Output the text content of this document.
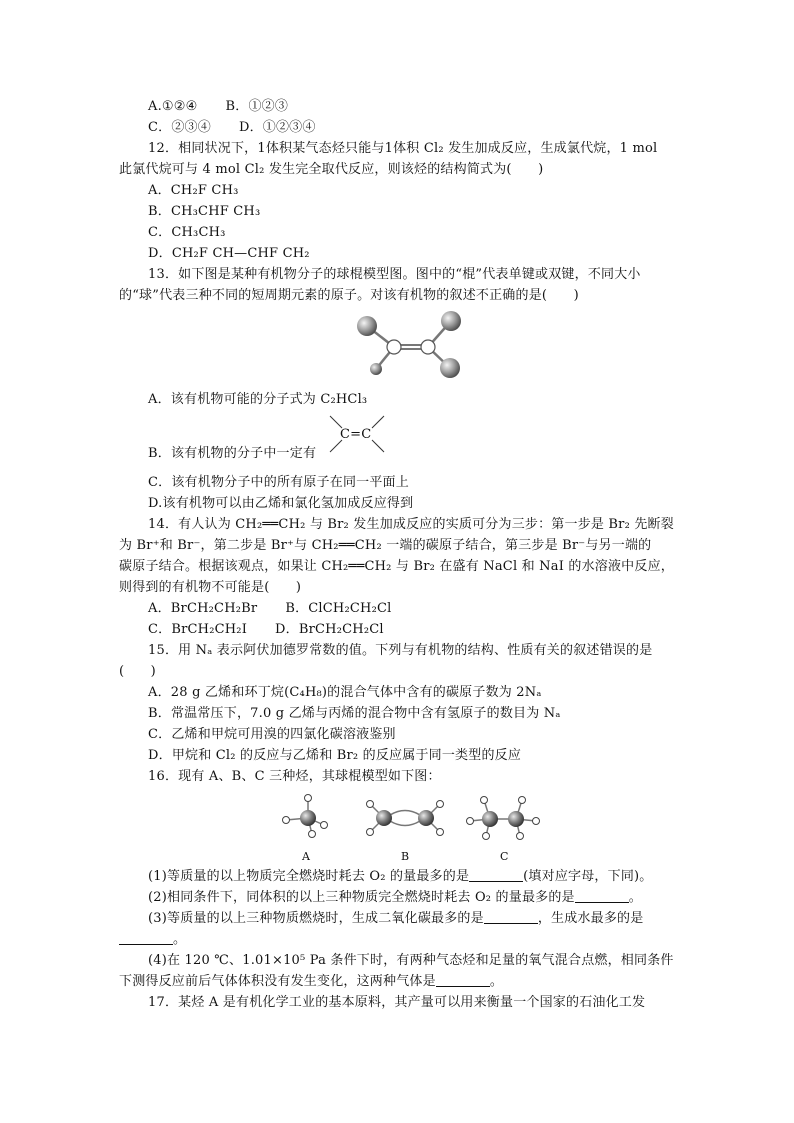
A.①②④ B．①②③
C．②③④ D．①②③④
12．相同状况下，1体积某气态烃只能与1体积 Cl₂ 发生加成反应，生成氯代烷，1 mol
此氯代烷可与 4 mol Cl₂ 发生完全取代反应，则该烃的结构简式为(　　)
A．CH₂F CH₃
B．CH₃CHF CH₃
C．CH₃CH₃
D．CH₂F CH—CHF CH₂
13．如下图是某种有机物分子的球棍模型图。图中的“棍”代表单键或双键，不同大小
的“球”代表三种不同的短周期元素的原子。对该有机物的叙述不正确的是(　　)
A．该有机物可能的分子式为 C₂HCl₃
B．该有机物的分子中一定有
C=C
C．该有机物分子中的所有原子在同一平面上
D.该有机物可以由乙烯和氯化氢加成反应得到
14．有人认为 CH₂══CH₂ 与 Br₂ 发生加成反应的实质可分为三步：第一步是 Br₂ 先断裂
为 Br⁺和 Br⁻，第二步是 Br⁺与 CH₂══CH₂ 一端的碳原子结合，第三步是 Br⁻与另一端的
碳原子结合。根据该观点，如果让 CH₂══CH₂ 与 Br₂ 在盛有 NaCl 和 NaI 的水溶液中反应，
则得到的有机物不可能是(　　)
A．BrCH₂CH₂Br B．ClCH₂CH₂Cl
C．BrCH₂CH₂I D．BrCH₂CH₂Cl
15．用 Nₐ 表示阿伏加德罗常数的值。下列与有机物的结构、性质有关的叙述错误的是
(　　)
A．28 g 乙烯和环丁烷(C₄H₈)的混合气体中含有的碳原子数为 2Nₐ
B．常温常压下，7.0 g 乙烯与丙烯的混合物中含有氢原子的数目为 Nₐ
C．乙烯和甲烷可用溴的四氯化碳溶液鉴别
D．甲烷和 Cl₂ 的反应与乙烯和 Br₂ 的反应属于同一类型的反应
16．现有 A、B、C 三种烃，其球棍模型如下图：
A	B	C
(1)等质量的以上物质完全燃烧时耗去 O₂ 的量最多的是	(填对应字母，下同)。
(2)相同条件下，同体积的以上三种物质完全燃烧时耗去 O₂ 的量最多的是	。
(3)等质量的以上三种物质燃烧时，生成二氧化碳最多的是	，生成水最多的是
。
(4)在 120 ℃、1.01×10⁵ Pa 条件下时，有两种气态烃和足量的氧气混合点燃，相同条件
下测得反应前后气体体积没有发生变化，这两种气体是	。
17．某烃 A 是有机化学工业的基本原料，其产量可以用来衡量一个国家的石油化工发
